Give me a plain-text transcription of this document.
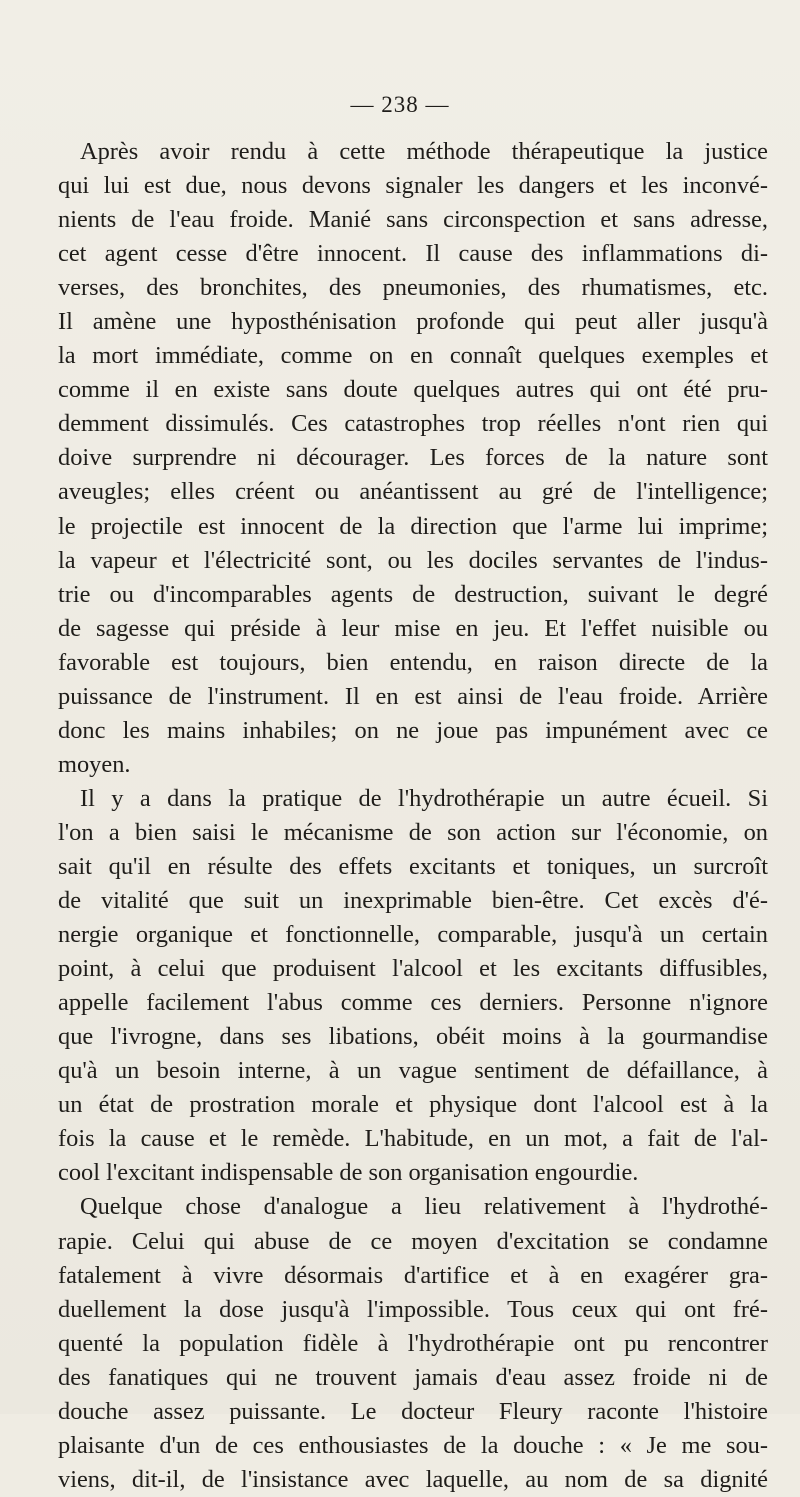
— 238 —
Après avoir rendu à cette méthode thérapeutique la justice
qui lui est due, nous devons signaler les dangers et les inconvé-
nients de l'eau froide. Manié sans circonspection et sans adresse,
cet agent cesse d'être innocent. Il cause des inflammations di-
verses, des bronchites, des pneumonies, des rhumatismes, etc.
Il amène une hyposthénisation profonde qui peut aller jusqu'à
la mort immédiate, comme on en connaît quelques exemples et
comme il en existe sans doute quelques autres qui ont été pru-
demment dissimulés. Ces catastrophes trop réelles n'ont rien qui
doive surprendre ni décourager. Les forces de la nature sont
aveugles; elles créent ou anéantissent au gré de l'intelligence;
le projectile est innocent de la direction que l'arme lui imprime;
la vapeur et l'électricité sont, ou les dociles servantes de l'indus-
trie ou d'incomparables agents de destruction, suivant le degré
de sagesse qui préside à leur mise en jeu. Et l'effet nuisible ou
favorable est toujours, bien entendu, en raison directe de la
puissance de l'instrument. Il en est ainsi de l'eau froide. Arrière
donc les mains inhabiles; on ne joue pas impunément avec ce
moyen.
Il y a dans la pratique de l'hydrothérapie un autre écueil. Si
l'on a bien saisi le mécanisme de son action sur l'économie, on
sait qu'il en résulte des effets excitants et toniques, un surcroît
de vitalité que suit un inexprimable bien-être. Cet excès d'é-
nergie organique et fonctionnelle, comparable, jusqu'à un certain
point, à celui que produisent l'alcool et les excitants diffusibles,
appelle facilement l'abus comme ces derniers. Personne n'ignore
que l'ivrogne, dans ses libations, obéit moins à la gourmandise
qu'à un besoin interne, à un vague sentiment de défaillance, à
un état de prostration morale et physique dont l'alcool est à la
fois la cause et le remède. L'habitude, en un mot, a fait de l'al-
cool l'excitant indispensable de son organisation engourdie.
Quelque chose d'analogue a lieu relativement à l'hydrothé-
rapie. Celui qui abuse de ce moyen d'excitation se condamne
fatalement à vivre désormais d'artifice et à en exagérer gra-
duellement la dose jusqu'à l'impossible. Tous ceux qui ont fré-
quenté la population fidèle à l'hydrothérapie ont pu rencontrer
des fanatiques qui ne trouvent jamais d'eau assez froide ni de
douche assez puissante. Le docteur Fleury raconte l'histoire
plaisante d'un de ces enthousiastes de la douche : « Je me sou-
viens, dit-il, de l'insistance avec laquelle, au nom de sa dignité
